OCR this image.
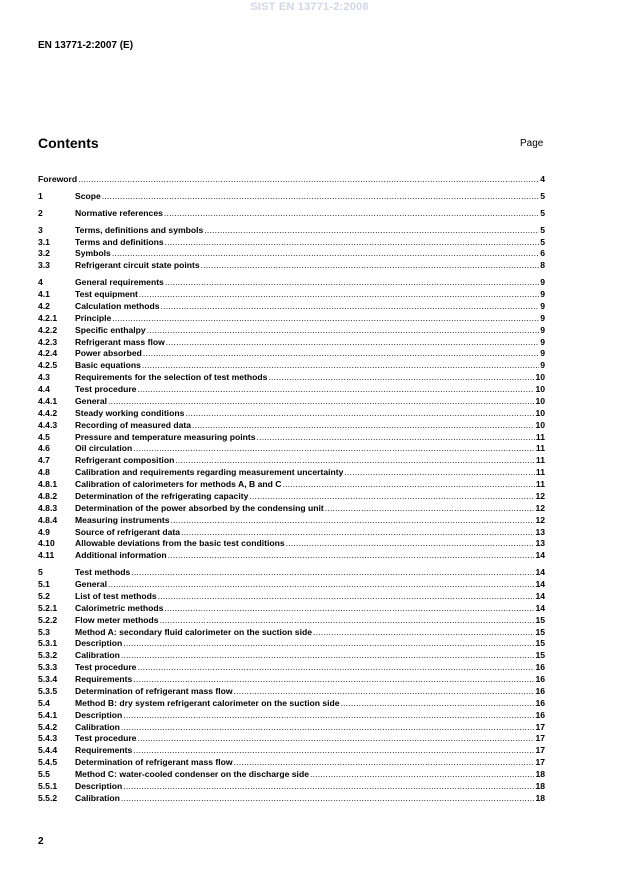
SIST EN 13771-2:2008
EN 13771-2:2007 (E)
Contents	Page
Foreword .....	4
1	Scope .....	5
2	Normative references .....	5
3	Terms, definitions and symbols .....	5
3.1	Terms and definitions .....	5
3.2	Symbols .....	6
3.3	Refrigerant circuit state points .....	8
4	General requirements .....	9
4.1	Test equipment .....	9
4.2	Calculation methods .....	9
4.2.1	Principle .....	9
4.2.2	Specific enthalpy .....	9
4.2.3	Refrigerant mass flow .....	9
4.2.4	Power absorbed .....	9
4.2.5	Basic equations .....	9
4.3	Requirements for the selection of test methods .....	10
4.4	Test procedure .....	10
4.4.1	General .....	10
4.4.2	Steady working conditions .....	10
4.4.3	Recording of measured data .....	10
4.5	Pressure and temperature measuring points .....	11
4.6	Oil circulation .....	11
4.7	Refrigerant composition .....	11
4.8	Calibration and requirements regarding measurement uncertainty .....	11
4.8.1	Calibration of calorimeters for methods A, B and C .....	11
4.8.2	Determination of the refrigerating capacity .....	12
4.8.3	Determination of the power absorbed by the condensing unit .....	12
4.8.4	Measuring instruments .....	12
4.9	Source of refrigerant data .....	13
4.10	Allowable deviations from the basic test conditions .....	13
4.11	Additional information .....	14
5	Test methods .....	14
5.1	General .....	14
5.2	List of test methods .....	14
5.2.1	Calorimetric methods .....	14
5.2.2	Flow meter methods .....	15
5.3	Method A: secondary fluid calorimeter on the suction side .....	15
5.3.1	Description .....	15
5.3.2	Calibration .....	15
5.3.3	Test procedure .....	16
5.3.4	Requirements .....	16
5.3.5	Determination of refrigerant mass flow .....	16
5.4	Method B: dry system refrigerant calorimeter on the suction side .....	16
5.4.1	Description .....	16
5.4.2	Calibration .....	17
5.4.3	Test procedure .....	17
5.4.4	Requirements .....	17
5.4.5	Determination of refrigerant mass flow .....	17
5.5	Method C: water-cooled condenser on the discharge side .....	18
5.5.1	Description .....	18
5.5.2	Calibration .....	18
2
